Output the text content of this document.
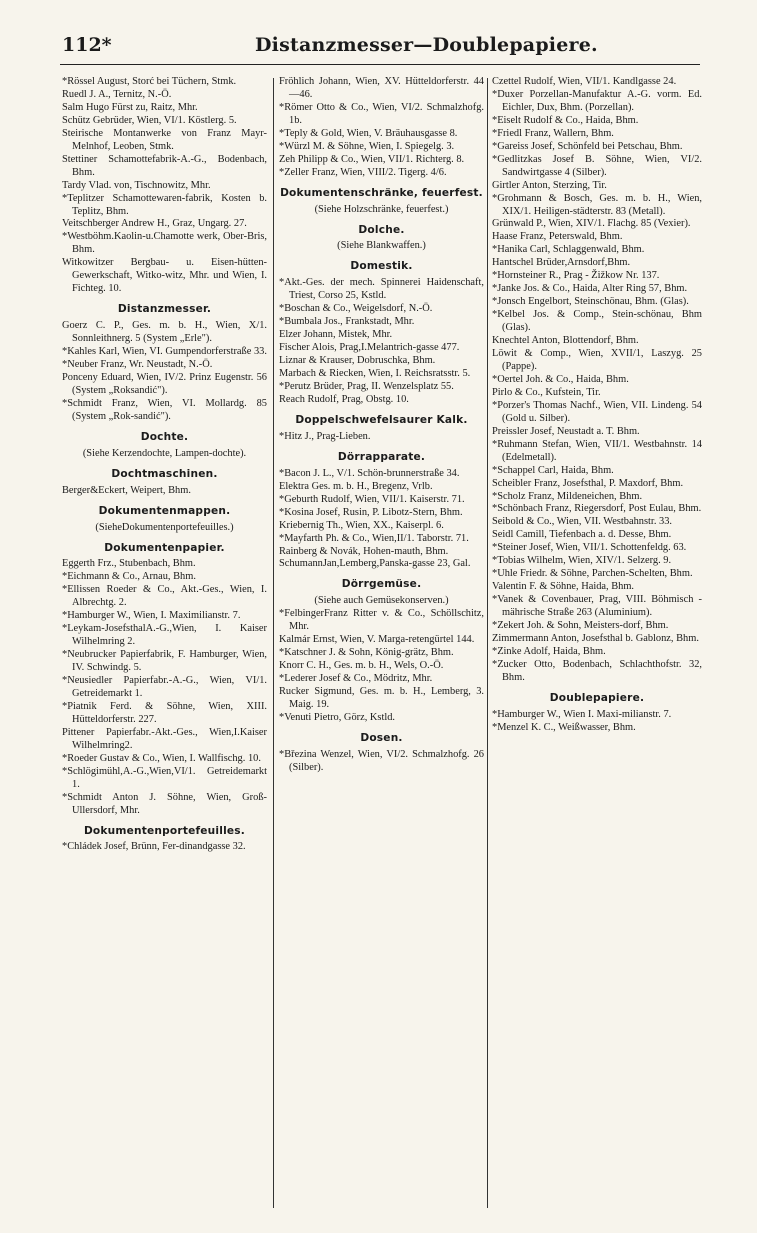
112*	Distanzmesser—Doublepapiere.

*Rössel August, Storć bei Tüchern, Stmk.

Ruedl J. A., Ternitz, N.-Ö.

Salm Hugo Fürst zu, Raitz, Mhr.

Schütz Gebrüder, Wien, VI/1. Köstlerg. 5.

Steirische Montanwerke von Franz Mayr-Melnhof, Leoben, Stmk.

Stettiner Schamottefabrik-A.-G., Bodenbach, Bhm.

Tardy Vlad. von, Tischnowitz, Mhr.

*Teplitzer Schamottewaren-fabrik, Kosten b. Teplitz, Bhm.

Veitschberger Andrew H., Graz, Ungarg. 27.

*Westböhm.Kaolin-u.Chamotte werk, Ober-Bris, Bhm.

Witkowitzer Bergbau- u. Eisen-hütten-Gewerkschaft, Witko-witz, Mhr. und Wien, I. Fichteg. 10.

Distanzmesser.

Goerz C. P., Ges. m. b. H., Wien, X/1. Sonnleithnerg. 5 (System „Erle").

*Kahles Karl, Wien, VI. Gumpendorferstraße 33.

*Neuber Franz, Wr. Neustadt, N.-Ö.

Ponceny Eduard, Wien, IV/2. Prinz Eugenstr. 56 (System „Roksandić").

*Schmidt Franz, Wien, VI. Mollardg. 85 (System „Rok-sandić").

Dochte.

(Siehe Kerzendochte, Lampen-dochte).

Dochtmaschinen.

Berger&Eckert, Weipert, Bhm.

Dokumentenmappen.

(SieheDokumentenportefeuilles.)

Dokumentenpapier.

Eggerth Frz., Stubenbach, Bhm.

*Eichmann & Co., Arnau, Bhm.

*Ellissen Roeder & Co., Akt.-Ges., Wien, I. Albrechtg. 2.

*Hamburger W., Wien, I. Maximilianstr. 7.

*Leykam-JosefsthalA.-G.,Wien, I. Kaiser Wilhelmring 2.

*Neubrucker Papierfabrik, F. Hamburger, Wien, IV. Schwindg. 5.

*Neusiedler Papierfabr.-A.-G., Wien, VI/1. Getreidemarkt 1.

*Piatnik Ferd. & Söhne, Wien, XIII. Hütteldorferstr. 227.

Pittener Papierfabr.-Akt.-Ges., Wien,I.Kaiser Wilhelmring2.

*Roeder Gustav & Co., Wien, I. Wallfischg. 10.

*Schlögimühl,A.-G.,Wien,VI/1. Getreidemarkt 1.

*Schmidt Anton J. Söhne, Wien, Groß-Ullersdorf, Mhr.

Dokumentenportefeuilles.

*Chládek Josef, Brünn, Fer-dinandgasse 32.

Fröhlich Johann, Wien, XV. Hütteldorferstr. 44—46.

*Römer Otto & Co., Wien, VI/2. Schmalzhofg. 1b.

*Teply & Gold, Wien, V. Bräuhausgasse 8.

*Würzl M. & Söhne, Wien, I. Spiegelg. 3.

Zeh Philipp & Co., Wien, VII/1. Richterg. 8.

*Zeller Franz, Wien, VIII/2. Tigerg. 4/6.

Dokumentenschränke, feuerfest.

(Siehe Holzschränke, feuerfest.)

Dolche.

(Siehe Blankwaffen.)

Domestik.

*Akt.-Ges. der mech. Spinnerei Haidenschaft, Triest, Corso 25, Kstld.

*Boschan & Co., Weigelsdorf, N.-Ö.

*Bumbala Jos., Frankstadt, Mhr.

Elzer Johann, Mistek, Mhr.

Fischer Alois, Prag,I.Melantrich-gasse 477.

Liznar & Krauser, Dobruschka, Bhm.

Marbach & Riecken, Wien, I. Reichsratsstr. 5.

*Perutz Brüder, Prag, II. Wenzelsplatz 55.

Reach Rudolf, Prag, Obstg. 10.

Doppelschwefelsaurer Kalk.

*Hitz J., Prag-Lieben.

Dörrapparate.

*Bacon J. L., V/1. Schön-brunnerstraße 34.

Elektra Ges. m. b. H., Bregenz, Vrlb.

*Geburth Rudolf, Wien, VII/1. Kaiserstr. 71.

*Kosina Josef, Rusin, P. Libotz-Stern, Bhm.

Kriebernig Th., Wien, XX., Kaiserpl. 6.

*Mayfarth Ph. & Co., Wien,II/1. Taborstr. 71.

Rainberg & Novák, Hohen-mauth, Bhm.

SchumannJan,Lemberg,Panska-gasse 23, Gal.

Dörrgemüse.

(Siehe auch Gemüsekonserven.)

*FelbingerFranz Ritter v. & Co., Schöllschitz, Mhr.

Kalmár Ernst, Wien, V. Marga-retengürtel 144.

*Katschner J. & Sohn, König-grätz, Bhm.

Knorr C. H., Ges. m. b. H., Wels, O.-Ö.

*Lederer Josef & Co., Mödritz, Mhr.

Rucker Sigmund, Ges. m. b. H., Lemberg, 3. Maig. 19.

*Venuti Pietro, Görz, Kstld.

Dosen.

*Březina Wenzel, Wien, VI/2. Schmalzhofg. 26 (Silber).

Czettel Rudolf, Wien, VII/1. Kandlgasse 24.

*Duxer Porzellan-Manufaktur A.-G. vorm. Ed. Eichler, Dux, Bhm. (Porzellan).

*Eiselt Rudolf & Co., Haida, Bhm.

*Friedl Franz, Wallern, Bhm.

*Gareiss Josef, Schönfeld bei Petschau, Bhm.

*Gedlitzkas Josef B. Söhne, Wien, VI/2. Sandwirtgasse 4 (Silber).

Girtler Anton, Sterzing, Tir.

*Grohmann & Bosch, Ges. m. b. H., Wien, XIX/1. Heiligen-städterstr. 83 (Metall).

Grünwald P., Wien, XIV/1. Flachg. 85 (Vexier).

Haase Franz, Peterswald, Bhm.

*Hanika Carl, Schlaggenwald, Bhm.

Hantschel Brüder,Arnsdorf,Bhm.

*Hornsteiner R., Prag - Žižkow Nr. 137.

*Janke Jos. & Co., Haida, Alter Ring 57, Bhm.

*Jonsch Engelbort, Steinschönau, Bhm. (Glas).

*Kelbel Jos. & Comp., Stein-schönau, Bhm (Glas).

Knechtel Anton, Blottendorf, Bhm.

Löwit & Comp., Wien, XVII/1, Laszyg. 25 (Pappe).

*Oertel Joh. & Co., Haida, Bhm.

Pirlo & Co., Kufstein, Tir.

*Porzer's Thomas Nachf., Wien, VII. Lindeng. 54 (Gold u. Silber).

Preissler Josef, Neustadt a. T. Bhm.

*Ruhmann Stefan, Wien, VII/1. Westbahnstr. 14 (Edelmetall).

*Schappel Carl, Haida, Bhm.

Scheibler Franz, Josefsthal, P. Maxdorf, Bhm.

*Scholz Franz, Mildeneichen, Bhm.

*Schönbach Franz, Riegersdorf, Post Eulau, Bhm.

Seibold & Co., Wien, VII. Westbahnstr. 33.

Seidl Camill, Tiefenbach a. d. Desse, Bhm.

*Steiner Josef, Wien, VII/1. Schottenfeldg. 63.

*Tobias Wilhelm, Wien, XIV/1. Selzerg. 9.

*Uhle Friedr. & Söhne, Parchen-Schelten, Bhm.

Valentin F. & Söhne, Haida, Bhm.

*Vanek & Covenbauer, Prag, VIII. Böhmisch - mährische Straße 263 (Aluminium).

*Zekert Joh. & Sohn, Meisters-dorf, Bhm.

Zimmermann Anton, Josefsthal b. Gablonz, Bhm.

*Zinke Adolf, Haida, Bhm.

*Zucker Otto, Bodenbach, Schlachthofstr. 32, Bhm.

Doublepapiere.

*Hamburger W., Wien I. Maxi-milianstr. 7.

*Menzel K. C., Weißwasser, Bhm.
